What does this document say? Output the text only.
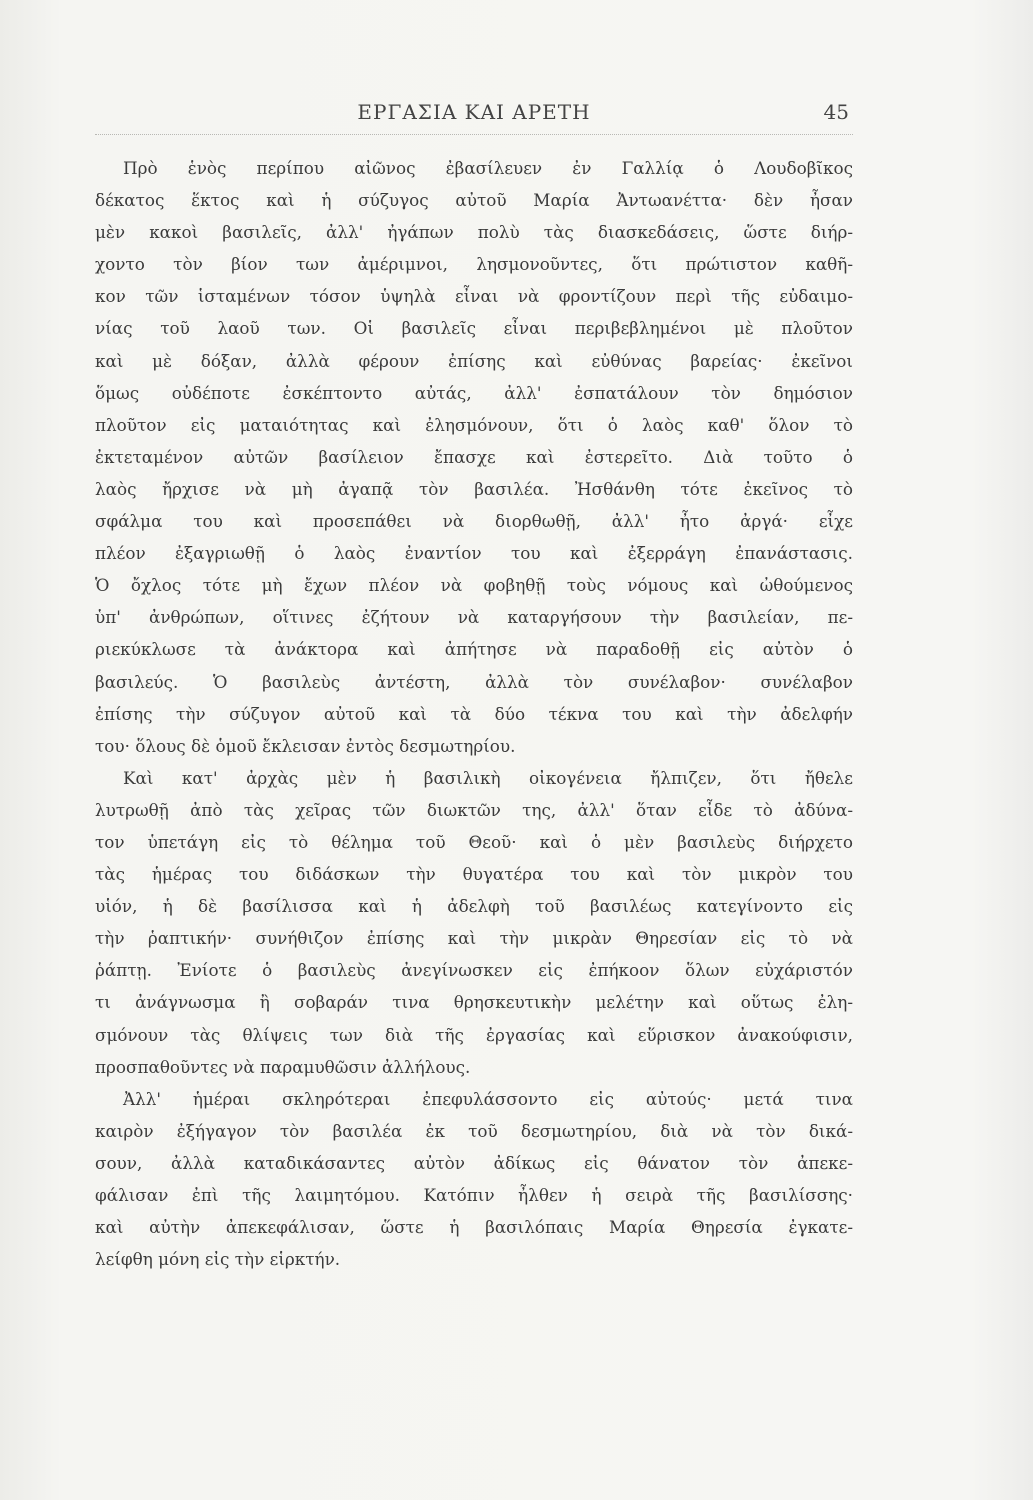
ΕΡΓΑΣΙΑ ΚΑΙ ΑΡΕΤΗ	45
Πρὸ ἑνὸς περίπου αἰῶνος ἐβασίλευεν ἐν Γαλλίᾳ ὁ Λουδοβῖκος
δέκατος ἕκτος καὶ ἡ σύζυγος αὐτοῦ Μαρία Ἀντωανέττα· δὲν ἦσαν
μὲν κακοὶ βασιλεῖς, ἀλλ' ἠγάπων πολὺ τὰς διασκεδάσεις, ὥστε διήρ-
χοντο τὸν βίον των ἀμέριμνοι, λησμονοῦντες, ὅτι πρώτιστον καθῆ-
κον τῶν ἱσταμένων τόσον ὑψηλὰ εἶναι νὰ φροντίζουν περὶ τῆς εὐδαιμο-
νίας τοῦ λαοῦ των. Οἱ βασιλεῖς εἶναι περιβεβλημένοι μὲ πλοῦτον
καὶ μὲ δόξαν, ἀλλὰ φέρουν ἐπίσης καὶ εὐθύνας βαρείας· ἐκεῖνοι
ὅμως οὐδέποτε ἐσκέπτοντο αὐτάς, ἀλλ' ἐσπατάλουν τὸν δημόσιον
πλοῦτον εἰς ματαιότητας καὶ ἐλησμόνουν, ὅτι ὁ λαὸς καθ' ὅλον τὸ
ἐκτεταμένον αὐτῶν βασίλειον ἔπασχε καὶ ἐστερεῖτο. Διὰ τοῦτο ὁ
λαὸς ἤρχισε νὰ μὴ ἀγαπᾷ τὸν βασιλέα. Ἠσθάνθη τότε ἐκεῖνος τὸ
σφάλμα του καὶ προσεπάθει νὰ διορθωθῇ, ἀλλ' ἦτο ἀργά· εἶχε
πλέον ἐξαγριωθῇ ὁ λαὸς ἐναντίον του καὶ ἐξερράγη ἐπανάστασις.
Ὁ ὄχλος τότε μὴ ἔχων πλέον νὰ φοβηθῇ τοὺς νόμους καὶ ὠθούμενος
ὑπ' ἀνθρώπων, οἵτινες ἐζήτουν νὰ καταργήσουν τὴν βασιλείαν, πε-
ριεκύκλωσε τὰ ἀνάκτορα καὶ ἀπήτησε νὰ παραδοθῇ εἰς αὐτὸν ὁ
βασιλεύς. Ὁ βασιλεὺς ἀντέστη, ἀλλὰ τὸν συνέλαβον· συνέλαβον
ἐπίσης τὴν σύζυγον αὐτοῦ καὶ τὰ δύο τέκνα του καὶ τὴν ἀδελφήν
του· ὅλους δὲ ὁμοῦ ἔκλεισαν ἐντὸς δεσμωτηρίου.
Καὶ κατ' ἀρχὰς μὲν ἡ βασιλικὴ οἰκογένεια ἤλπιζεν, ὅτι ἤθελε
λυτρωθῇ ἀπὸ τὰς χεῖρας τῶν διωκτῶν της, ἀλλ' ὅταν εἶδε τὸ ἀδύνα-
τον ὑπετάγη εἰς τὸ θέλημα τοῦ Θεοῦ· καὶ ὁ μὲν βασιλεὺς διήρχετο
τὰς ἡμέρας του διδάσκων τὴν θυγατέρα του καὶ τὸν μικρὸν του
υἱόν, ἡ δὲ βασίλισσα καὶ ἡ ἀδελφὴ τοῦ βασιλέως κατεγίνοντο εἰς
τὴν ῥαπτικήν· συνήθιζον ἐπίσης καὶ τὴν μικρὰν Θηρεσίαν εἰς τὸ νὰ
ῥάπτῃ. Ἐνίοτε ὁ βασιλεὺς ἀνεγίνωσκεν εἰς ἐπήκοον ὅλων εὐχάριστόν
τι ἀνάγνωσμα ἢ σοβαράν τινα θρησκευτικὴν μελέτην καὶ οὕτως ἐλη-
σμόνουν τὰς θλίψεις των διὰ τῆς ἐργασίας καὶ εὕρισκον ἀνακούφισιν,
προσπαθοῦντες νὰ παραμυθῶσιν ἀλλήλους.
Ἀλλ' ἡμέραι σκληρότεραι ἐπεφυλάσσοντο εἰς αὐτούς· μετά τινα
καιρὸν ἐξήγαγον τὸν βασιλέα ἐκ τοῦ δεσμωτηρίου, διὰ νὰ τὸν δικά-
σουν, ἀλλὰ καταδικάσαντες αὐτὸν ἀδίκως εἰς θάνατον τὸν ἀπεκε-
φάλισαν ἐπὶ τῆς λαιμητόμου. Κατόπιν ἦλθεν ἡ σειρὰ τῆς βασιλίσσης·
καὶ αὐτὴν ἀπεκεφάλισαν, ὥστε ἡ βασιλόπαις Μαρία Θηρεσία ἐγκατε-
λείφθη μόνη εἰς τὴν εἱρκτήν.
